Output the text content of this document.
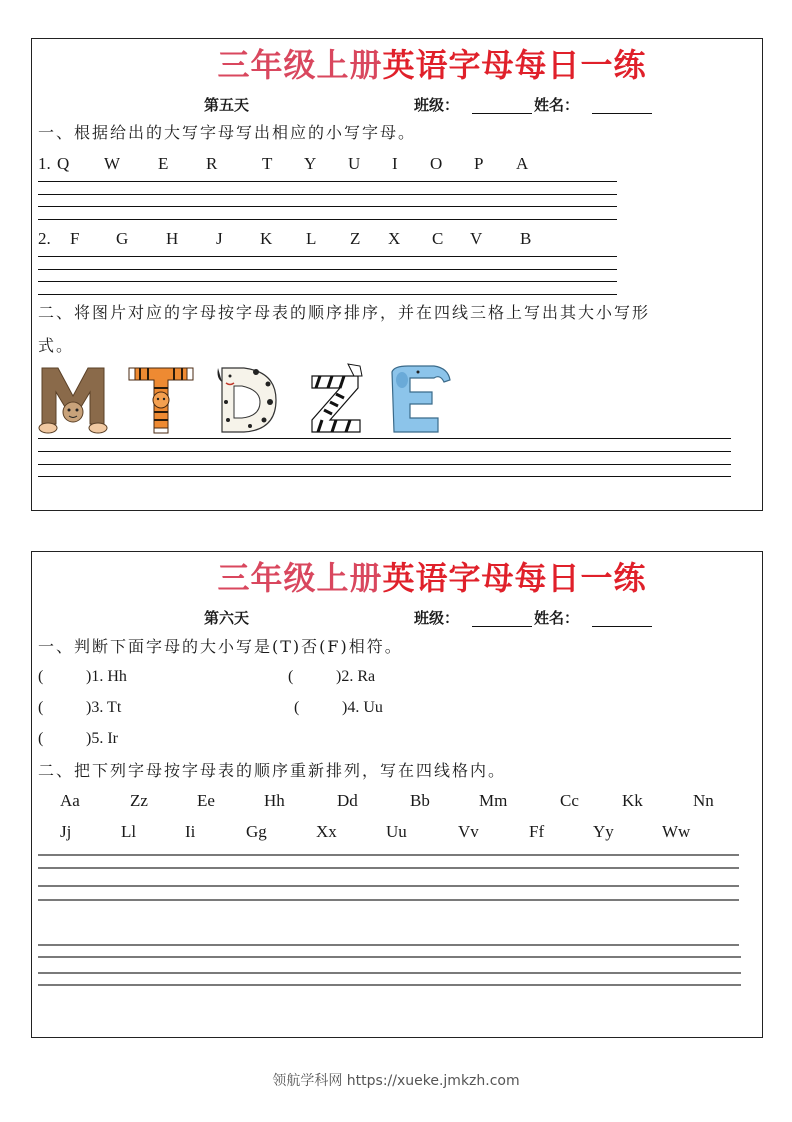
三年级上册英语字母每日一练
第五天	班级：	姓名：
一、根据给出的大写字母写出相应的小写字母。
1. Q W E R	T Y U I O P A
2. F G H J K L Z X C V B
二、将图片对应的字母按字母表的顺序排序，并在四线三格上写出其大小写形
式。
三年级上册英语字母每日一练
第六天	班级：	姓名：
一、判断下面字母的大小写是(T)否(F)相符。
(	)1. Hh	(	)2. Ra
(	)3. Tt	(	)4. Uu
(	)5. Ir
二、把下列字母按字母表的顺序重新排列，写在四线格内。
Aa	Zz	Ee	Hh	Dd	Bb	Mm	Cc	Kk	Nn
Jj	Ll	Ii	Gg	Xx	Uu	Vv	Ff	Yy	Ww
领航学科网 https://xueke.jmkzh.com
